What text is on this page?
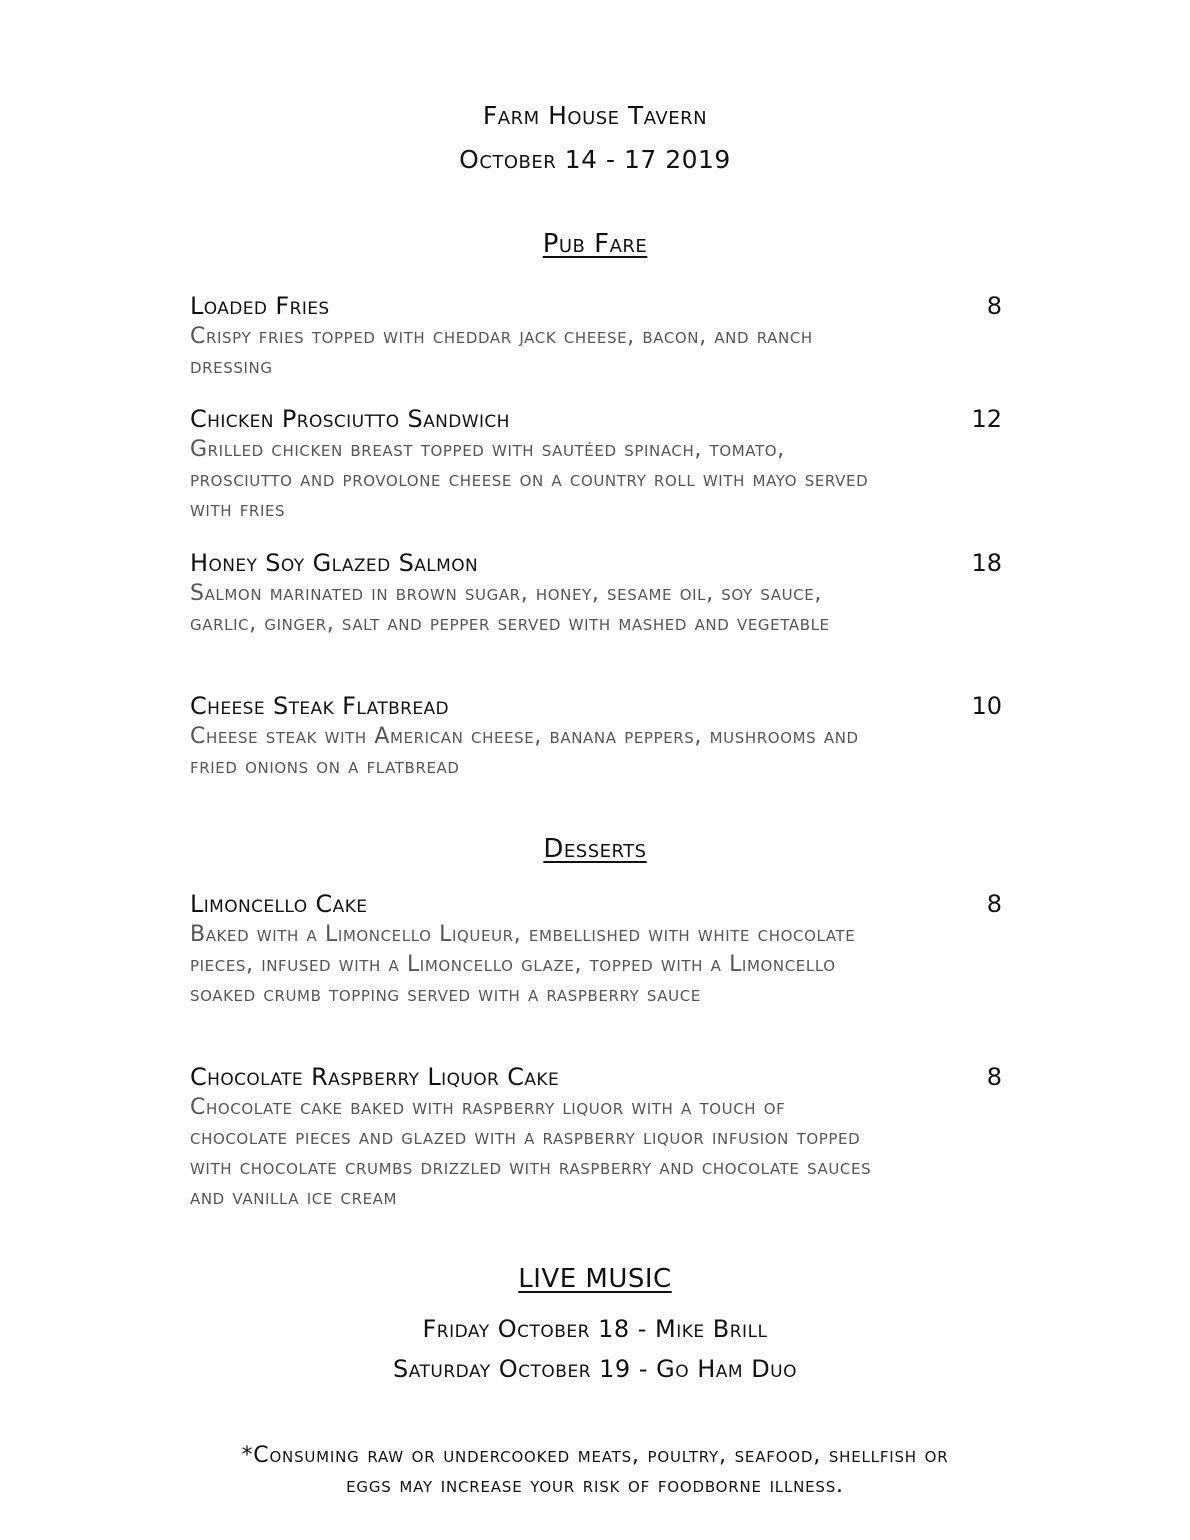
Farm House Tavern
October 14 - 17 2019
Pub Fare
Loaded Fries	8
Crispy fries topped with cheddar jack cheese, bacon, and ranch dressing
Chicken Prosciutto Sandwich	12
Grilled chicken breast topped with sautéed spinach, tomato, prosciutto and provolone cheese on a country roll with mayo served with fries
Honey Soy Glazed Salmon	18
Salmon marinated in brown sugar, honey, sesame oil, soy sauce, garlic, ginger, salt and pepper served with mashed and vegetable
Cheese Steak Flatbread	10
Cheese steak with American cheese, banana peppers, mushrooms and fried onions on a flatbread
Desserts
Limoncello Cake	8
Baked with a Limoncello Liqueur, embellished with white chocolate pieces, infused with a Limoncello glaze, topped with a Limoncello soaked crumb topping served with a raspberry sauce
Chocolate Raspberry Liquor Cake	8
Chocolate cake baked with raspberry liquor with a touch of chocolate pieces and glazed with a raspberry liquor infusion topped with chocolate crumbs drizzled with raspberry and chocolate sauces and vanilla ice cream
LIVE MUSIC
Friday October 18 - Mike Brill
Saturday October 19 - Go Ham Duo
*Consuming raw or undercooked meats, poultry, seafood, shellfish or eggs may increase your risk of foodborne illness.
